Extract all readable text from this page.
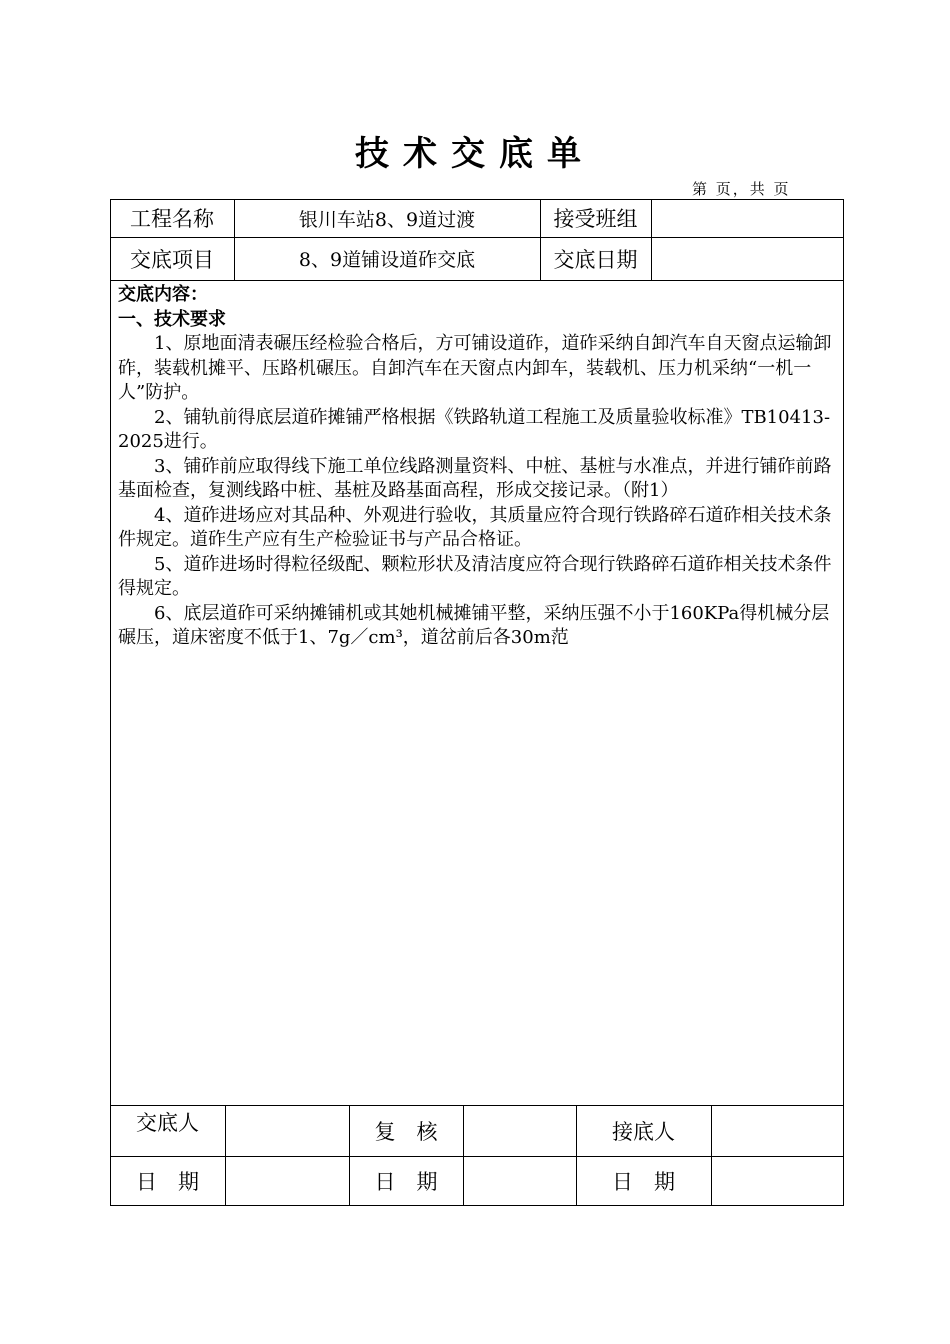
技术交底单
第 页，共 页
工程名称	银川车站8、9道过渡	接受班组
交底项目	8、9道铺设道砟交底	交底日期
交底内容：
一、技术要求

1、原地面清表碾压经检验合格后，方可铺设道砟，道砟采纳自卸汽车自天窗点运输卸砟，装载机摊平、压路机碾压。自卸汽车在天窗点内卸车，装载机、压力机采纳“一机一人”防护。

2、铺轨前得底层道砟摊铺严格根据《铁路轨道工程施工及质量验收标准》TB10413-2025进行。

3、铺砟前应取得线下施工单位线路测量资料、中桩、基桩与水准点，并进行铺砟前路基面检查，复测线路中桩、基桩及路基面高程，形成交接记录。（附1）

4、道砟进场应对其品种、外观进行验收，其质量应符合现行铁路碎石道砟相关技术条件规定。道砟生产应有生产检验证书与产品合格证。

5、道砟进场时得粒径级配、颗粒形状及清洁度应符合现行铁路碎石道砟相关技术条件得规定。

6、底层道砟可采纳摊铺机或其她机械摊铺平整，采纳压强不小于160KPa得机械分层碾压，道床密度不低于1、7g／cm³，道岔前后各30m范

交底人	复　核	接底人
日　期	日　期	日　期
